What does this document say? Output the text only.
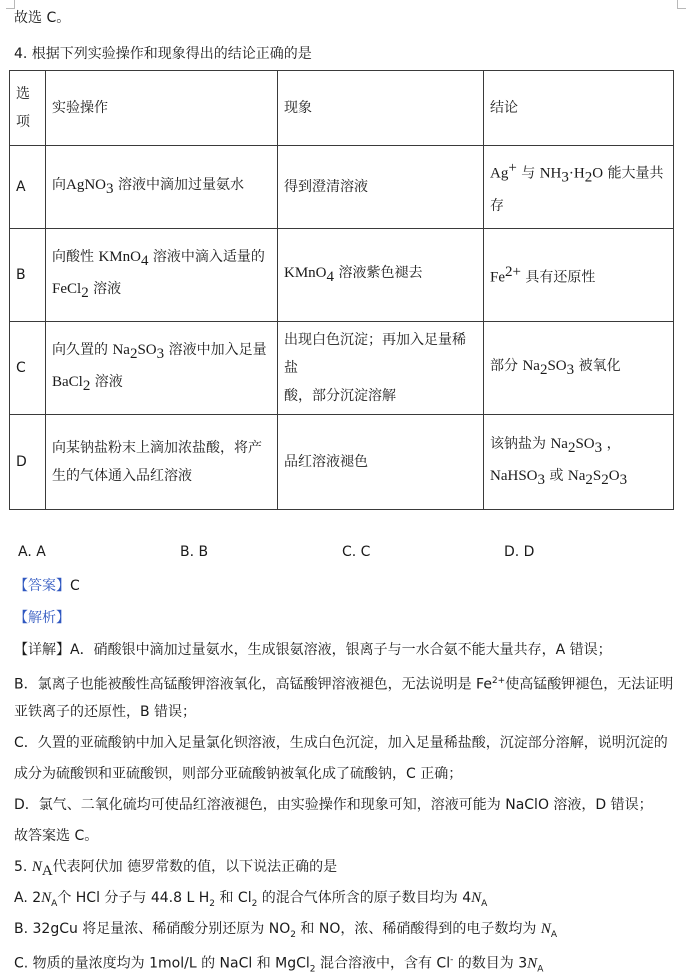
故选 C。
4. 根据下列实验操作和现象得出的结论正确的是
选
项	实验操作	现象	结论
A	向AgNO$_3$ 溶液中滴加过量氨水	得到澄清溶液	Ag+ 与 $NH_3\cdot H_2O$ 能大量共
存
B	向酸性 KMnO$_4$ 溶液中滴入适量的
FeCl$_2$ 溶液	KMnO$_4$ 溶液紫色褪去	$Fe^{2+}$ 具有还原性
C	向久置的 $Na_2SO_3$ 溶液中加入足量
BaCl$_2$ 溶液	出现白色沉淀；再加入足量稀盐
酸，部分沉淀溶解	部分 $Na_2SO_3$ 被氧化
D	向某钠盐粉末上滴加浓盐酸，将产
生的气体通入品红溶液	品红溶液褪色	该钠盐为 $Na_2SO_3$ ，
NaHSO$_3$ 或 $Na_2S_2O_3$
A. A	B. B	C. C	D. D
【答案】C
【解析】
【详解】A．硝酸银中滴加过量氨水，生成银氨溶液，银离子与一水合氨不能大量共存，A 错误；
B．氯离子也能被酸性高锰酸钾溶液氧化，高锰酸钾溶液褪色，无法说明是 $Fe^{2+}$使高锰酸钾褪色，无法证明
亚铁离子的还原性，B 错误；
C．久置的亚硫酸钠中加入足量氯化钡溶液，生成白色沉淀，加入足量稀盐酸，沉淀部分溶解，说明沉淀的
成分为硫酸钡和亚硫酸钡，则部分亚硫酸钠被氧化成了硫酸钠，C 正确；
D．氯气、二氧化硫均可使品红溶液褪色，由实验操作和现象可知，溶液可能为 NaClO 溶液，D 错误；
故答案选 C。
5. $N_A$代表阿伏加 德罗常数的值，以下说法正确的是
A. $2N_A$个 HCl 分子与 44.8 L $H_2$ 和 $Cl_2$ 的混合气体所含的原子数目均为 $4N_A$
B. 32gCu 将足量浓、稀硝酸分别还原为 $NO_2$ 和 NO，浓、稀硝酸得到的电子数均为 $N_A$
C. 物质的量浓度均为 1mol/L 的 NaCl 和 MgCl$_2$ 混合溶液中，含有 Cl- 的数目为 $3N_A$
